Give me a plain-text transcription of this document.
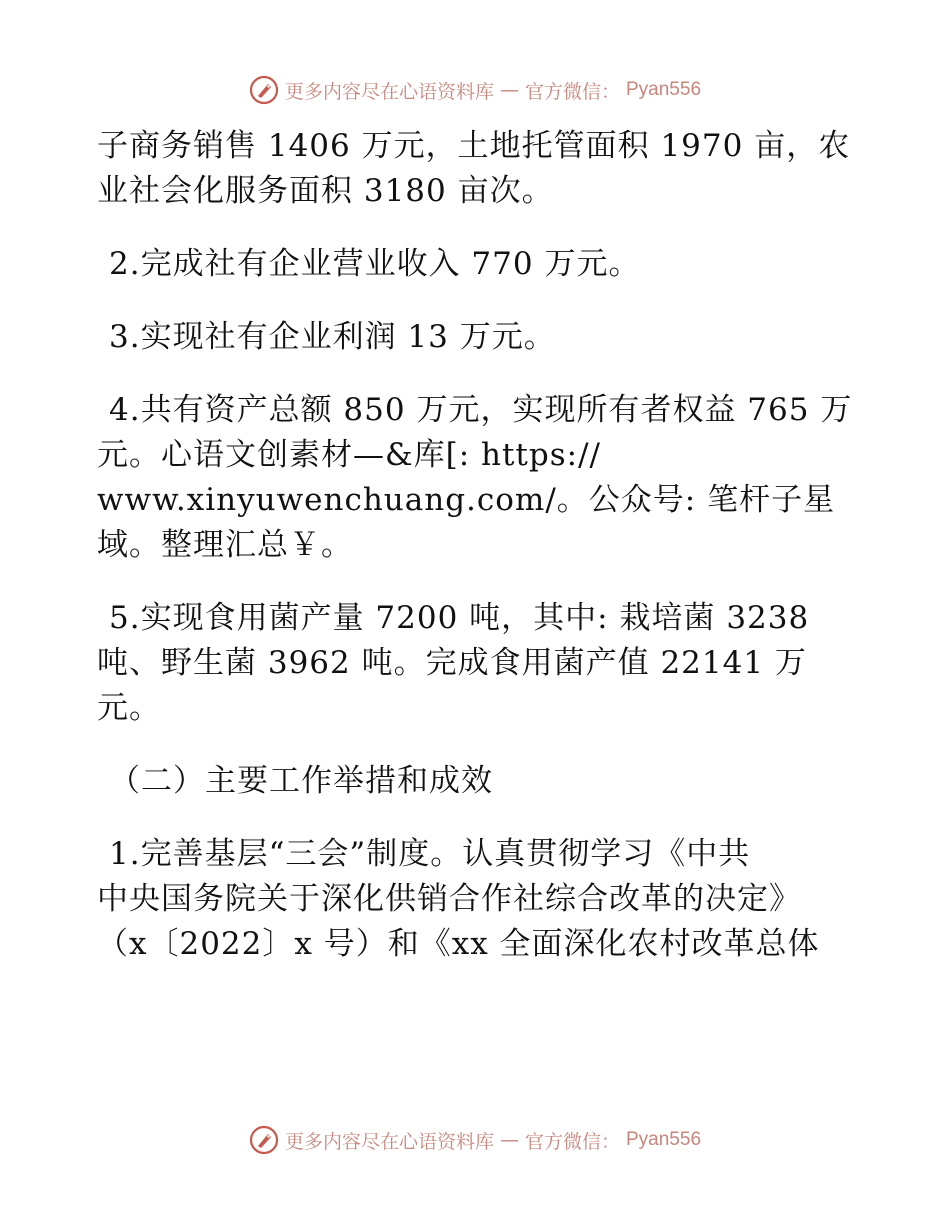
更多内容尽在心语资料库 — 官方微信： Pyan556
子商务销售 1406 万元，土地托管面积 1970 亩，农
业社会化服务面积 3180 亩次。
2.完成社有企业营业收入 770 万元。
3.实现社有企业利润 13 万元。
4.共有资产总额 850 万元，实现所有者权益 765 万
元。心语文创素材—&库[: https://
www.xinyuwenchuang.com/。公众号: 笔杆子星
域。整理汇总￥。
5.实现食用菌产量 7200 吨，其中: 栽培菌 3238
吨、野生菌 3962 吨。完成食用菌产值 22141 万
元。
（二）主要工作举措和成效
1.完善基层“三会”制度。认真贯彻学习《中共
中央国务院关于深化供销合作社综合改革的决定》
（x〔2022〕x 号）和《xx 全面深化农村改革总体
更多内容尽在心语资料库 — 官方微信： Pyan556
